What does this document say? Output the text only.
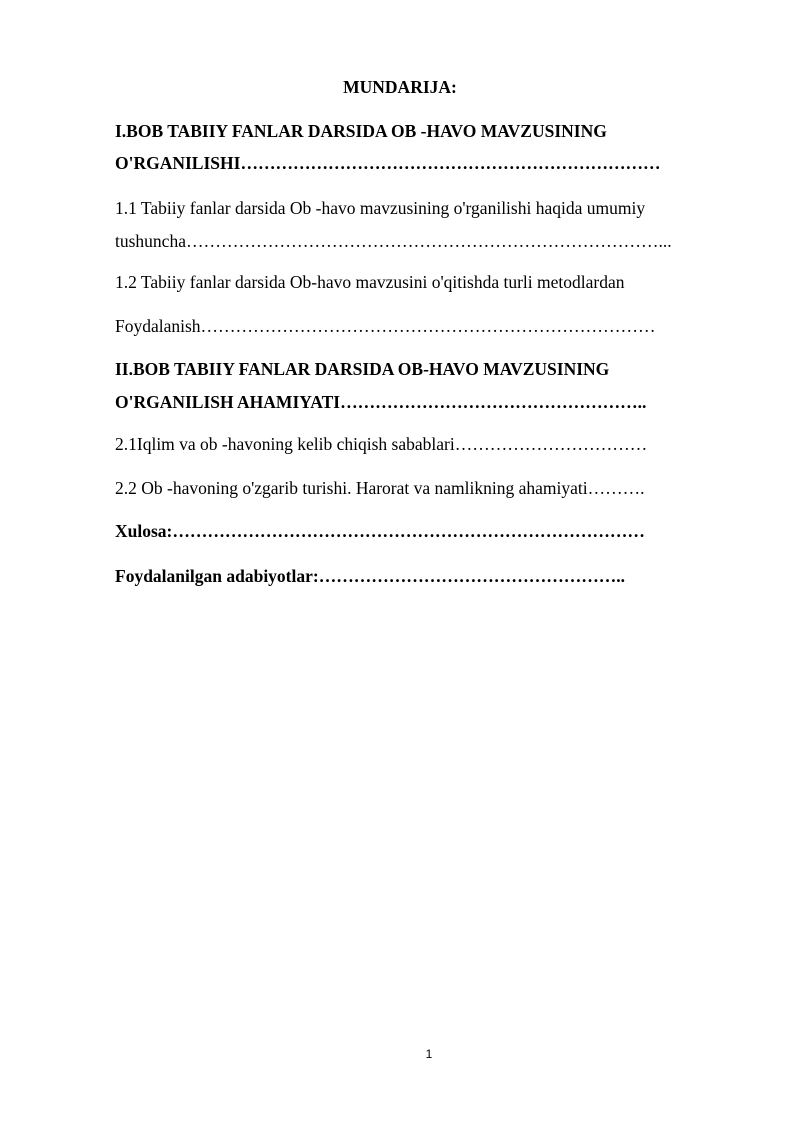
MUNDARIJA:
I.BOB TABIIY FANLAR DARSIDA OB -HAVO MAVZUSINING
O'RGANILISHI………………………………………………………………
1.1 Tabiiy fanlar darsida Ob -havo mavzusining o'rganilishi haqida umumiy
tushuncha………………………………………………………………………...
1.2 Tabiiy fanlar darsida Ob-havo mavzusini o'qitishda turli metodlardan
Foydalanish……………………………………………………………………
II.BOB TABIIY FANLAR DARSIDA OB-HAVO MAVZUSINING
O'RGANILISH AHAMIYATI……………………………………………..
2.1Iqlim va ob -havoning kelib chiqish sabablari……………………………
2.2 Ob -havoning o'zgarib turishi. Harorat va namlikning ahamiyati……….
Xulosa:………………………………………………………………………
Foydalanilgan adabiyotlar:……………………………………………..
1
